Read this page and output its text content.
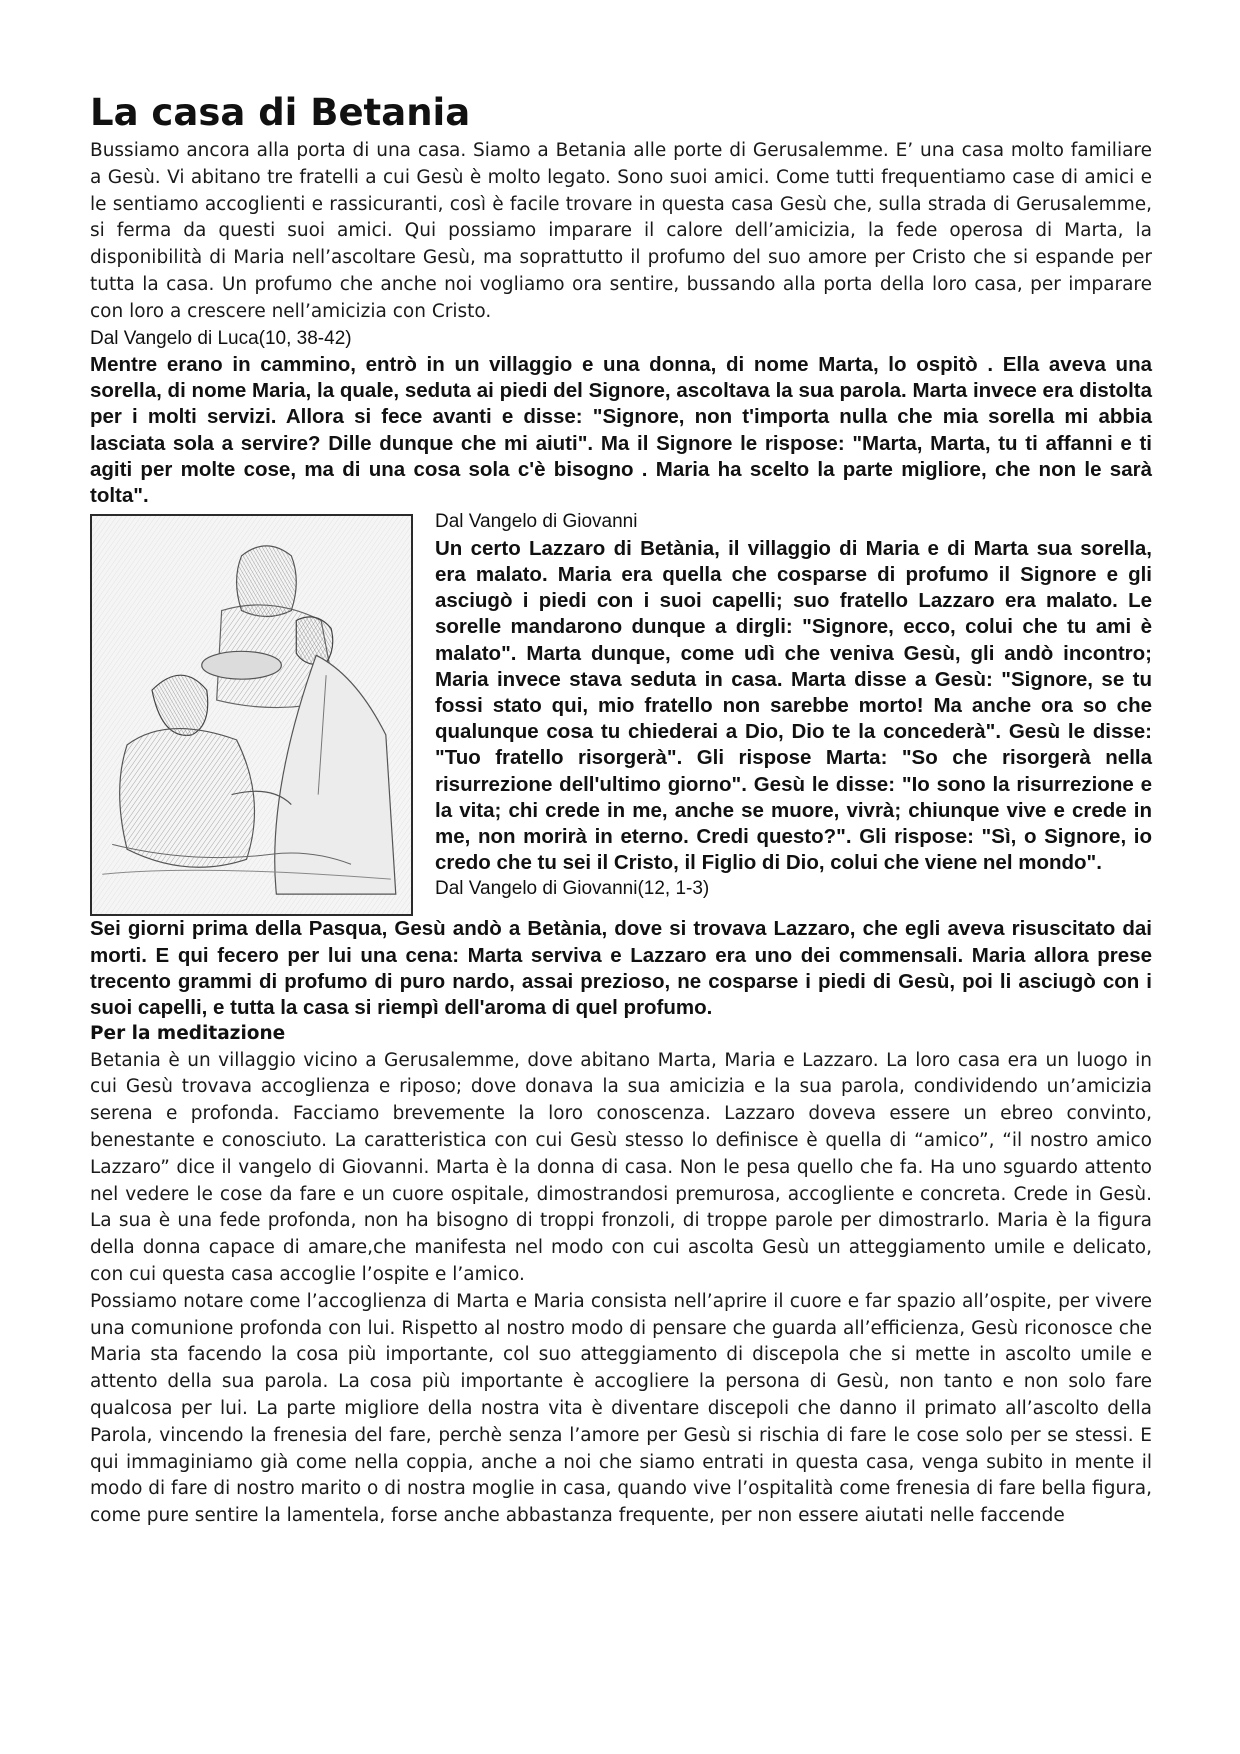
La casa di Betania

Bussiamo ancora alla porta di una casa. Siamo a Betania alle porte di Gerusalemme. E’ una casa molto familiare a Gesù. Vi abitano tre fratelli a cui Gesù è molto legato. Sono suoi amici. Come tutti frequentiamo case di amici e le sentiamo accoglienti e rassicuranti, così è facile trovare in questa casa Gesù che, sulla strada di Gerusalemme, si ferma da questi suoi amici. Qui possiamo imparare il calore dell’amicizia, la fede operosa di Marta, la disponibilità di Maria nell’ascoltare Gesù, ma soprattutto il profumo del suo amore per Cristo che si espande per tutta la casa. Un profumo che anche noi vogliamo ora sentire, bussando alla porta della loro casa, per imparare con loro a crescere nell’amicizia con Cristo.

Dal Vangelo di Luca(10, 38-42)

Mentre erano in cammino, entrò in un villaggio e una donna, di nome Marta, lo ospitò . Ella aveva una sorella, di nome Maria, la quale, seduta ai piedi del Signore, ascoltava la sua parola. Marta invece era distolta per i molti servizi. Allora si fece avanti e disse: "Signore, non t'importa nulla che mia sorella mi abbia lasciata sola a servire? Dille dunque che mi aiuti". Ma il Signore le rispose: "Marta, Marta, tu ti affanni e ti agiti per molte cose, ma di una cosa sola c'è bisogno . Maria ha scelto la parte migliore, che non le sarà tolta".

Dal Vangelo di Giovanni

Un certo Lazzaro di Betània, il villaggio di Maria e di Marta sua sorella, era malato. Maria era quella che cosparse di profumo il Signore e gli asciugò i piedi con i suoi capelli; suo fratello Lazzaro era malato. Le sorelle mandarono dunque a dirgli: "Signore, ecco, colui che tu ami è malato". Marta dunque, come udì che veniva Gesù, gli andò incontro; Maria invece stava seduta in casa. Marta disse a Gesù: "Signore, se tu fossi stato qui, mio fratello non sarebbe morto! Ma anche ora so che qualunque cosa tu chiederai a Dio, Dio te la concederà". Gesù le disse: "Tuo fratello risorgerà". Gli rispose Marta: "So che risorgerà nella risurrezione dell'ultimo giorno". Gesù le disse: "Io sono la risurrezione e la vita; chi crede in me, anche se muore, vivrà; chiunque vive e crede in me, non morirà in eterno. Credi questo?". Gli rispose: "Sì, o Signore, io credo che tu sei il Cristo, il Figlio di Dio, colui che viene nel mondo".

Dal Vangelo di Giovanni(12, 1-3)

Sei giorni prima della Pasqua, Gesù andò a Betània, dove si trovava Lazzaro, che egli aveva risuscitato dai morti. E qui fecero per lui una cena: Marta serviva e Lazzaro era uno dei commensali. Maria allora prese trecento grammi di profumo di puro nardo, assai prezioso, ne cosparse i piedi di Gesù, poi li asciugò con i suoi capelli, e tutta la casa si riempì dell'aroma di quel profumo.

Per la meditazione

Betania è un villaggio vicino a Gerusalemme, dove abitano Marta, Maria e Lazzaro. La loro casa era un luogo in cui Gesù trovava accoglienza e riposo; dove donava la sua amicizia e la sua parola, condividendo un’amicizia serena e profonda. Facciamo brevemente la loro conoscenza. Lazzaro doveva essere un ebreo convinto, benestante e conosciuto. La caratteristica con cui Gesù stesso lo definisce è quella di “amico”, “il nostro amico Lazzaro” dice il vangelo di Giovanni. Marta è la donna di casa. Non le pesa quello che fa. Ha uno sguardo attento nel vedere le cose da fare e un cuore ospitale, dimostrandosi premurosa, accogliente e concreta. Crede in Gesù. La sua è una fede profonda, non ha bisogno di troppi fronzoli, di troppe parole per dimostrarlo. Maria è la figura della donna capace di amare,che manifesta nel modo con cui ascolta Gesù un atteggiamento umile e delicato, con cui questa casa accoglie l’ospite e l’amico.

Possiamo notare come l’accoglienza di Marta e Maria consista nell’aprire il cuore e far spazio all’ospite, per vivere una comunione profonda con lui. Rispetto al nostro modo di pensare che guarda all’efficienza, Gesù riconosce che Maria sta facendo la cosa più importante, col suo atteggiamento di discepola che si mette in ascolto umile e attento della sua parola. La cosa più importante è accogliere la persona di Gesù, non tanto e non solo fare qualcosa per lui. La parte migliore della nostra vita è diventare discepoli che danno il primato all’ascolto della Parola, vincendo la frenesia del fare, perchè senza l’amore per Gesù si rischia di fare le cose solo per se stessi. E qui immaginiamo già come nella coppia, anche a noi che siamo entrati in questa casa, venga subito in mente il modo di fare di nostro marito o di nostra moglie in casa, quando vive l’ospitalità come frenesia di fare bella figura, come pure sentire la lamentela, forse anche abbastanza frequente, per non essere aiutati nelle faccende
